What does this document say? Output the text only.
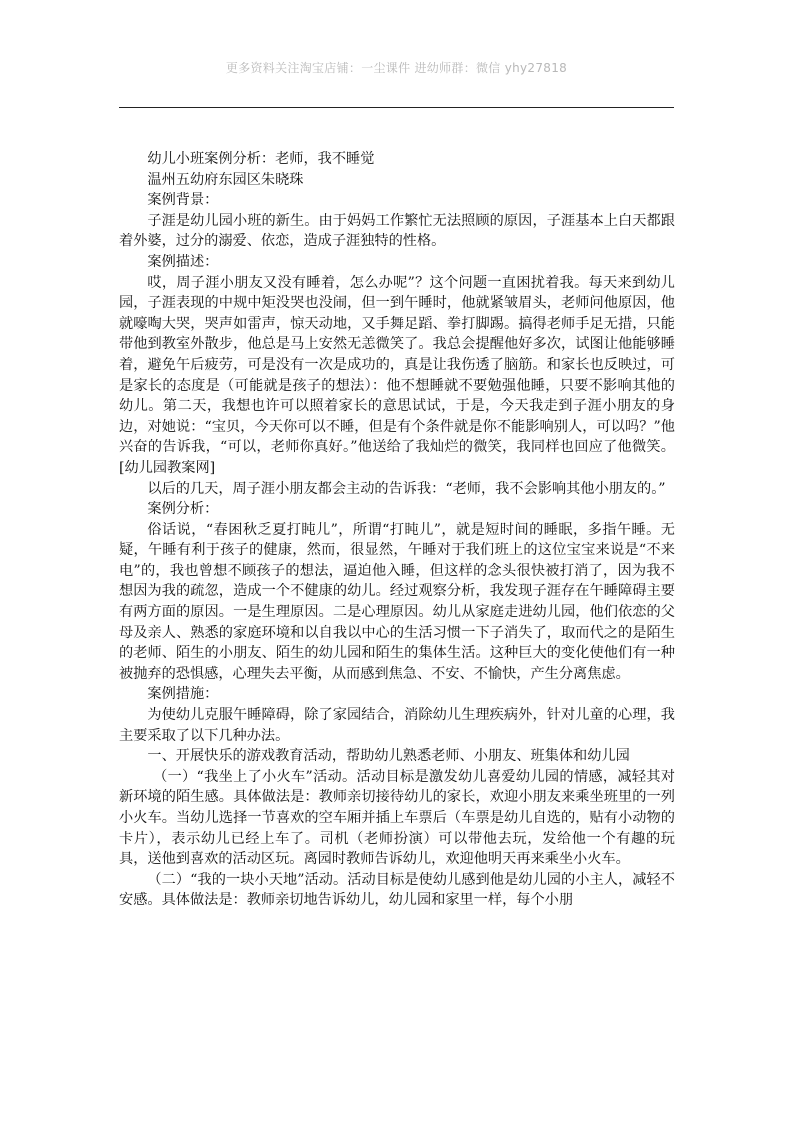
更多资料关注淘宝店铺：一尘课件 进幼师群：微信 yhy27818

幼儿小班案例分析：老师，我不睡觉

温州五幼府东园区朱晓珠

案例背景：

子涯是幼儿园小班的新生。由于妈妈工作繁忙无法照顾的原因，子涯基本上白天都跟着外婆，过分的溺爱、依恋，造成子涯独特的性格。

案例描述：

哎，周子涯小朋友又没有睡着，怎么办呢”？这个问题一直困扰着我。每天来到幼儿园，子涯表现的中规中矩没哭也没闹，但一到午睡时，他就紧皱眉头，老师问他原因，他就嚎啕大哭，哭声如雷声，惊天动地，又手舞足蹈、拳打脚踢。搞得老师手足无措，只能带他到教室外散步，他总是马上安然无恙微笑了。我总会提醒他好多次，试图让他能够睡着，避免午后疲劳，可是没有一次是成功的，真是让我伤透了脑筋。和家长也反映过，可是家长的态度是（可能就是孩子的想法）：他不想睡就不要勉强他睡，只要不影响其他的幼儿。第二天，我想也许可以照着家长的意思试试，于是，今天我走到子涯小朋友的身边，对她说：“宝贝，今天你可以不睡，但是有个条件就是你不能影响别人，可以吗？”他兴奋的告诉我，“可以，老师你真好。”他送给了我灿烂的微笑，我同样也回应了他微笑。[幼儿园教案网]

以后的几天，周子涯小朋友都会主动的告诉我：“老师，我不会影响其他小朋友的。”

案例分析：

俗话说，“春困秋乏夏打盹儿”，所谓“打盹儿”，就是短时间的睡眠，多指午睡。无疑，午睡有利于孩子的健康，然而，很显然，午睡对于我们班上的这位宝宝来说是“不来电”的，我也曾想不顾孩子的想法，逼迫他入睡，但这样的念头很快被打消了，因为我不想因为我的疏忽，造成一个不健康的幼儿。经过观察分析，我发现子涯存在午睡障碍主要有两方面的原因。一是生理原因。二是心理原因。幼儿从家庭走进幼儿园，他们依恋的父母及亲人、熟悉的家庭环境和以自我以中心的生活习惯一下子消失了，取而代之的是陌生的老师、陌生的小朋友、陌生的幼儿园和陌生的集体生活。这种巨大的变化使他们有一种被抛弃的恐惧感，心理失去平衡，从而感到焦急、不安、不愉快，产生分离焦虑。

案例措施：

为使幼儿克服午睡障碍，除了家园结合，消除幼儿生理疾病外，针对儿童的心理，我主要采取了以下几种办法。

一、开展快乐的游戏教育活动，帮助幼儿熟悉老师、小朋友、班集体和幼儿园

（一）“我坐上了小火车”活动。活动目标是激发幼儿喜爱幼儿园的情感，减轻其对新环境的陌生感。具体做法是：教师亲切接待幼儿的家长，欢迎小朋友来乘坐班里的一列小火车。当幼儿选择一节喜欢的空车厢并插上车票后（车票是幼儿自选的，贴有小动物的卡片），表示幼儿已经上车了。司机（老师扮演）可以带他去玩，发给他一个有趣的玩具，送他到喜欢的活动区玩。离园时教师告诉幼儿，欢迎他明天再来乘坐小火车。

（二）“我的一块小天地”活动。活动目标是使幼儿感到他是幼儿园的小主人，减轻不安感。具体做法是：教师亲切地告诉幼儿，幼儿园和家里一样，每个小朋
